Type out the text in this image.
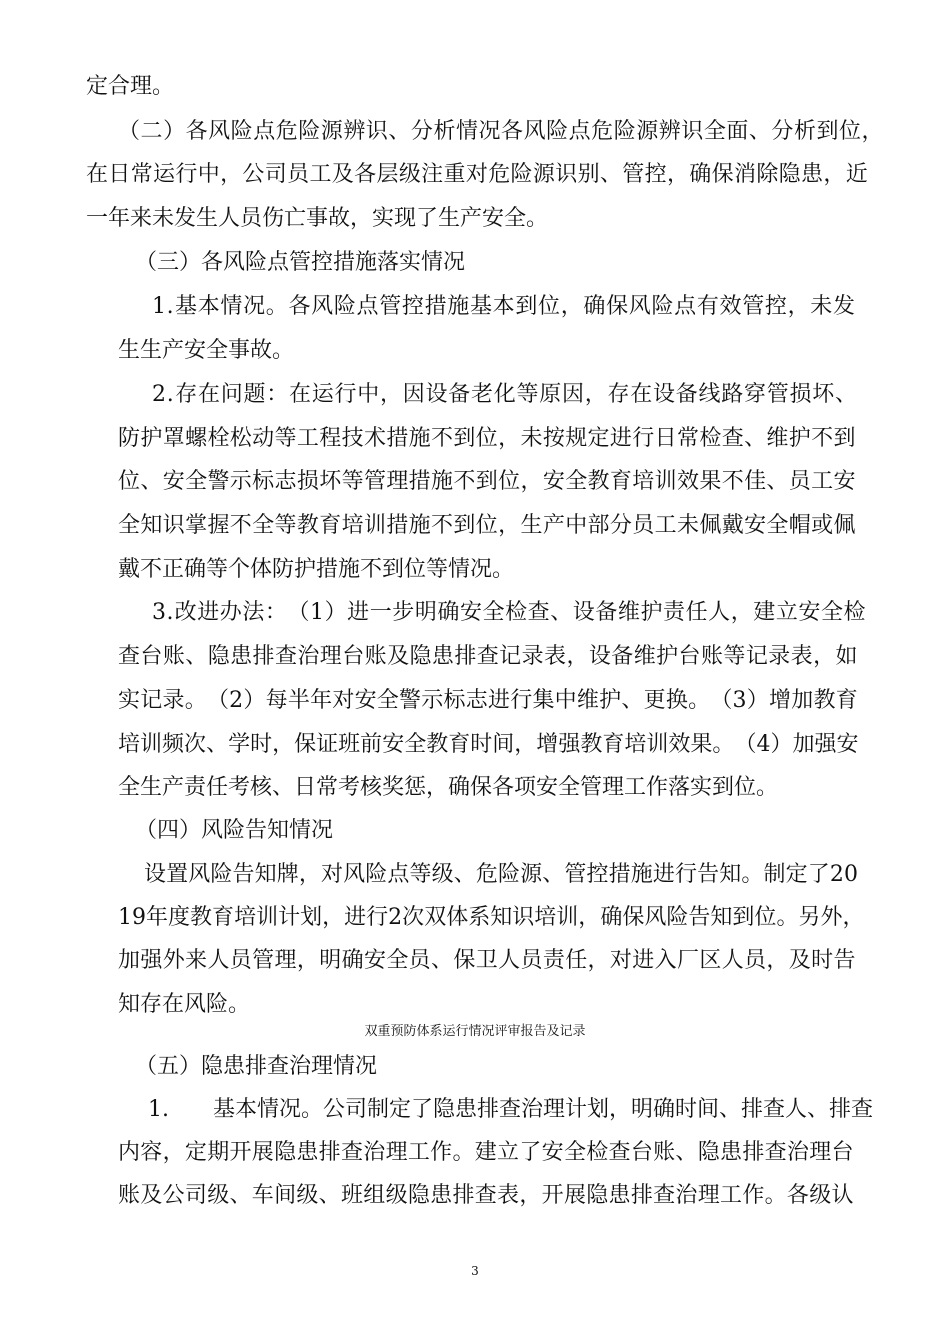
定合理。
（ 二 ） 各 风 险 点 危 险 源 辨 识 、 分 析 情 况 各 风 险 点 危 险 源 辨 识 全 面 、 分 析 到 位 ，
在 日 常 运 行 中 ， 公 司 员 工 及 各 层 级 注 重 对 危 险 源 识 别 、 管 控 ， 确 保 消 除 隐 患 ， 近
一年来未发生人员伤亡事故，实现了生产安全。
（三）各风险点管控措施落实情况
1 . 基 本 情 况 。 各 风 险 点 管 控 措 施 基 本 到 位 ， 确 保 风 险 点 有 效 管 控 ， 未 发
生生产安全事故。
2 . 存 在 问 题 ： 在 运 行 中 ， 因 设 备 老 化 等 原 因 ， 存 在 设 备 线 路 穿 管 损 坏 、
防 护 罩 螺 栓 松 动 等 工 程 技 术 措 施 不 到 位 ， 未 按 规 定 进 行 日 常 检 查 、 维 护 不 到
位 、 安 全 警 示 标 志 损 坏 等 管 理 措 施 不 到 位 ， 安 全 教 育 培 训 效 果 不 佳 、 员 工 安
全 知 识 掌 握 不 全 等 教 育 培 训 措 施 不 到 位 ， 生 产 中 部 分 员 工 未 佩 戴 安 全 帽 或 佩
戴不正确等个体防护措施不到位等情况。
3 . 改 进 办 法 ： （ 1 ） 进 一 步 明 确 安 全 检 查 、 设 备 维 护 责 任 人 ， 建 立 安 全 检
查 台 账 、 隐 患 排 查 治 理 台 账 及 隐 患 排 查 记 录 表 ， 设 备 维 护 台 账 等 记 录 表 ， 如
实 记 录 。 （ 2 ） 每 半 年 对 安 全 警 示 标 志 进 行 集 中 维 护 、 更 换 。 （ 3 ） 增 加 教 育
培 训 频 次 、 学 时 ， 保 证 班 前 安 全 教 育 时 间 ， 增 强 教 育 培 训 效 果 。 （ 4 ） 加 强 安
全生产责任考核、日常考核奖惩，确保各项安全管理工作落实到位。
（四）风险告知情况
设 置 风 险 告 知 牌 ， 对 风 险 点 等 级 、 危 险 源 、 管 控 措 施 进 行 告 知 。 制 定 了 2 0
1 9 年 度 教 育 培 训 计 划 ， 进 行 2 次 双 体 系 知 识 培 训 ， 确 保 风 险 告 知 到 位 。 另 外 ，
加 强 外 来 人 员 管 理 ， 明 确 安 全 员 、 保 卫 人 员 责 任 ， 对 进 入 厂 区 人 员 ， 及 时 告
知存在风险。
双重预防体系运行情况评审报告及记录
（五）隐患排查治理情况
1.　　基本情况。公司制定了隐患排查治理计划，明确时间、排查人、排查
内 容 ， 定 期 开 展 隐 患 排 查 治 理 工 作 。 建 立 了 安 全 检 查 台 账 、 隐 患 排 查 治 理 台
账 及 公 司 级 、 车 间 级 、 班 组 级 隐 患 排 查 表 ， 开 展 隐 患 排 查 治 理 工 作 。 各 级 认
3
